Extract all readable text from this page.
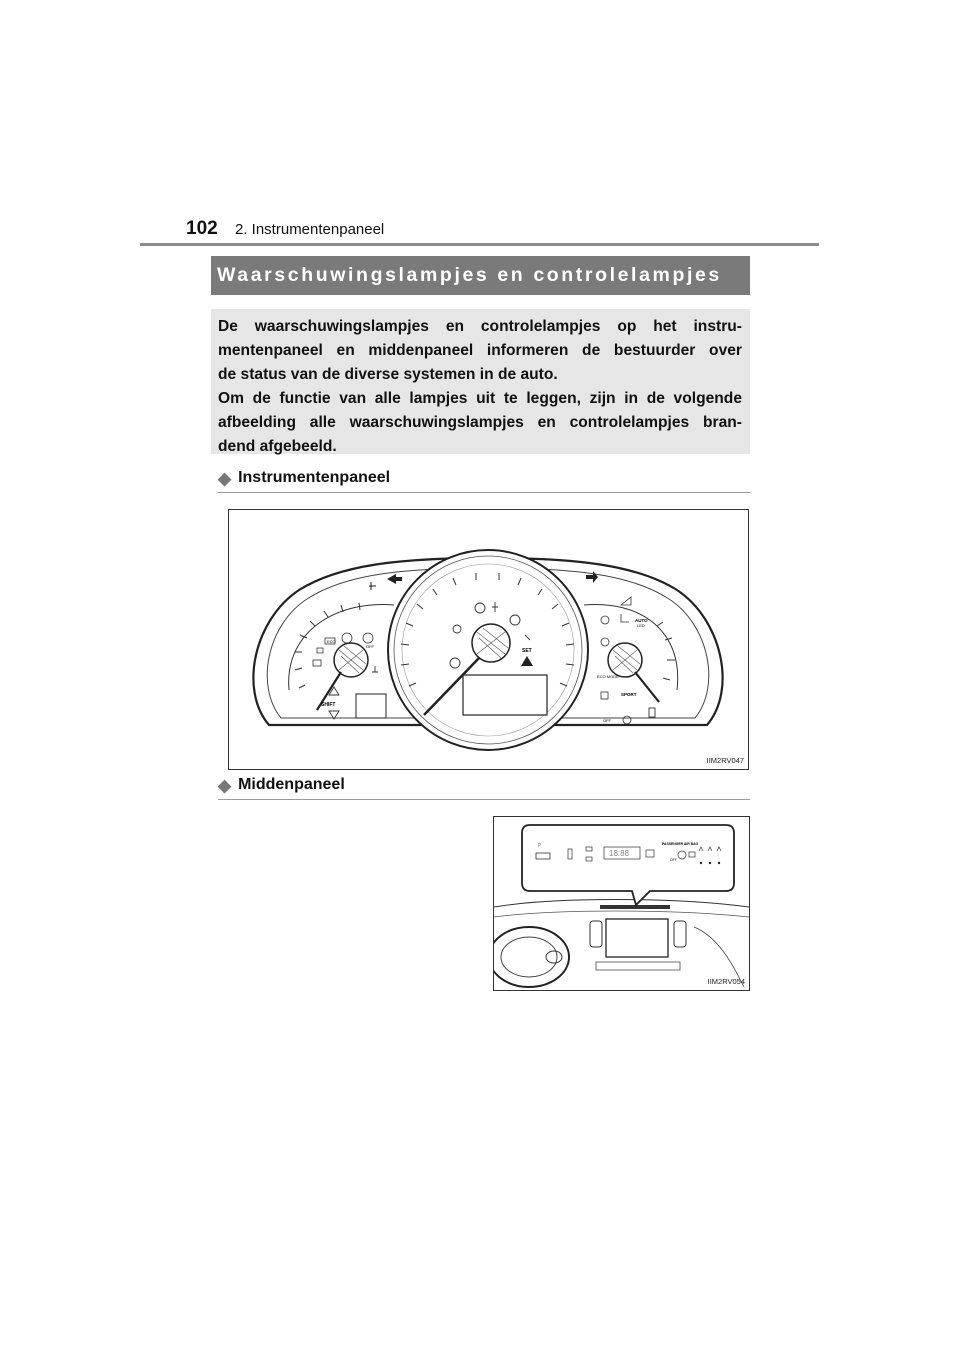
102 2. Instrumentenpaneel
Waarschuwingslampjes en controlelampjes

De waarschuwingslampjes en controlelampjes op het instru-
mentenpaneel en middenpaneel informeren de bestuurder over
de status van de diverse systemen in de auto.
Om de functie van alle lampjes uit te leggen, zijn in de volgende
afbeelding alle waarschuwingslampjes en controlelampjes bran-
dend afgebeeld.

◆ Instrumentenpaneel
ECO
OFF
SHIFT
SET
AUTO
LED
ECO MODE
SPORT
OFF
IIM2RV047
◆ Middenpaneel
P
18:88
PASSENGER AIR BAG
OFF
IIM2RV054
